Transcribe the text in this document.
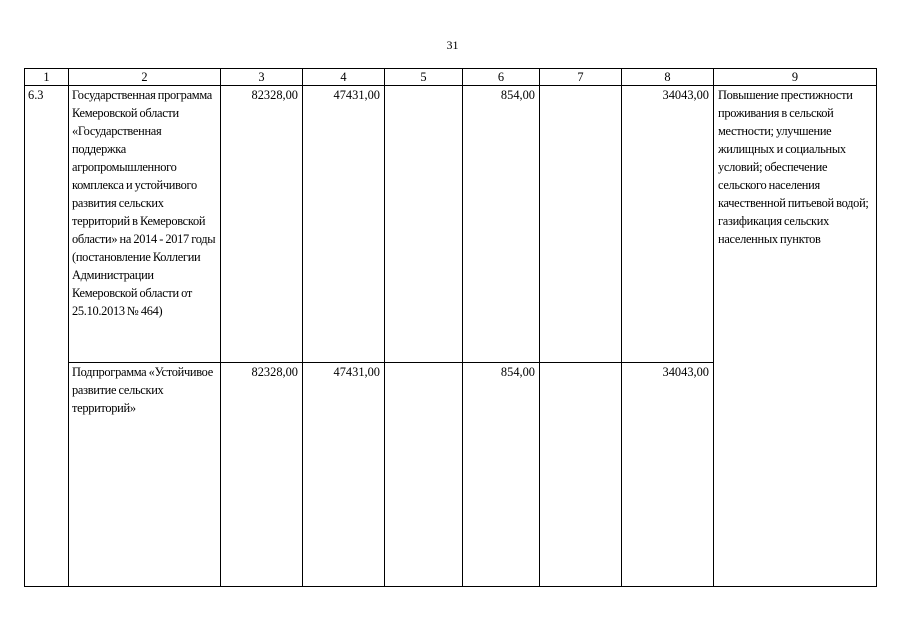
31
1	2	3	4	5	6	7	8	9
6.3	Государственная программа Кемеровской области «Государственная поддержка агропромышленного комплекса и устойчивого развития сельских территорий в Кемеровской области» на 2014 - 2017 годы (постановление Коллегии Администрации Кемеровской области от 25.10.2013 № 464)	82328,00	47431,00		854,00		34043,00	Повышение престижности проживания в сельской местности; улучшение жилищных и социальных условий; обеспечение сельского населения качественной питьевой водой; газификация сельских населенных пунктов
	Подпрограмма «Устойчивое развитие сельских территорий»	82328,00	47431,00		854,00		34043,00	
